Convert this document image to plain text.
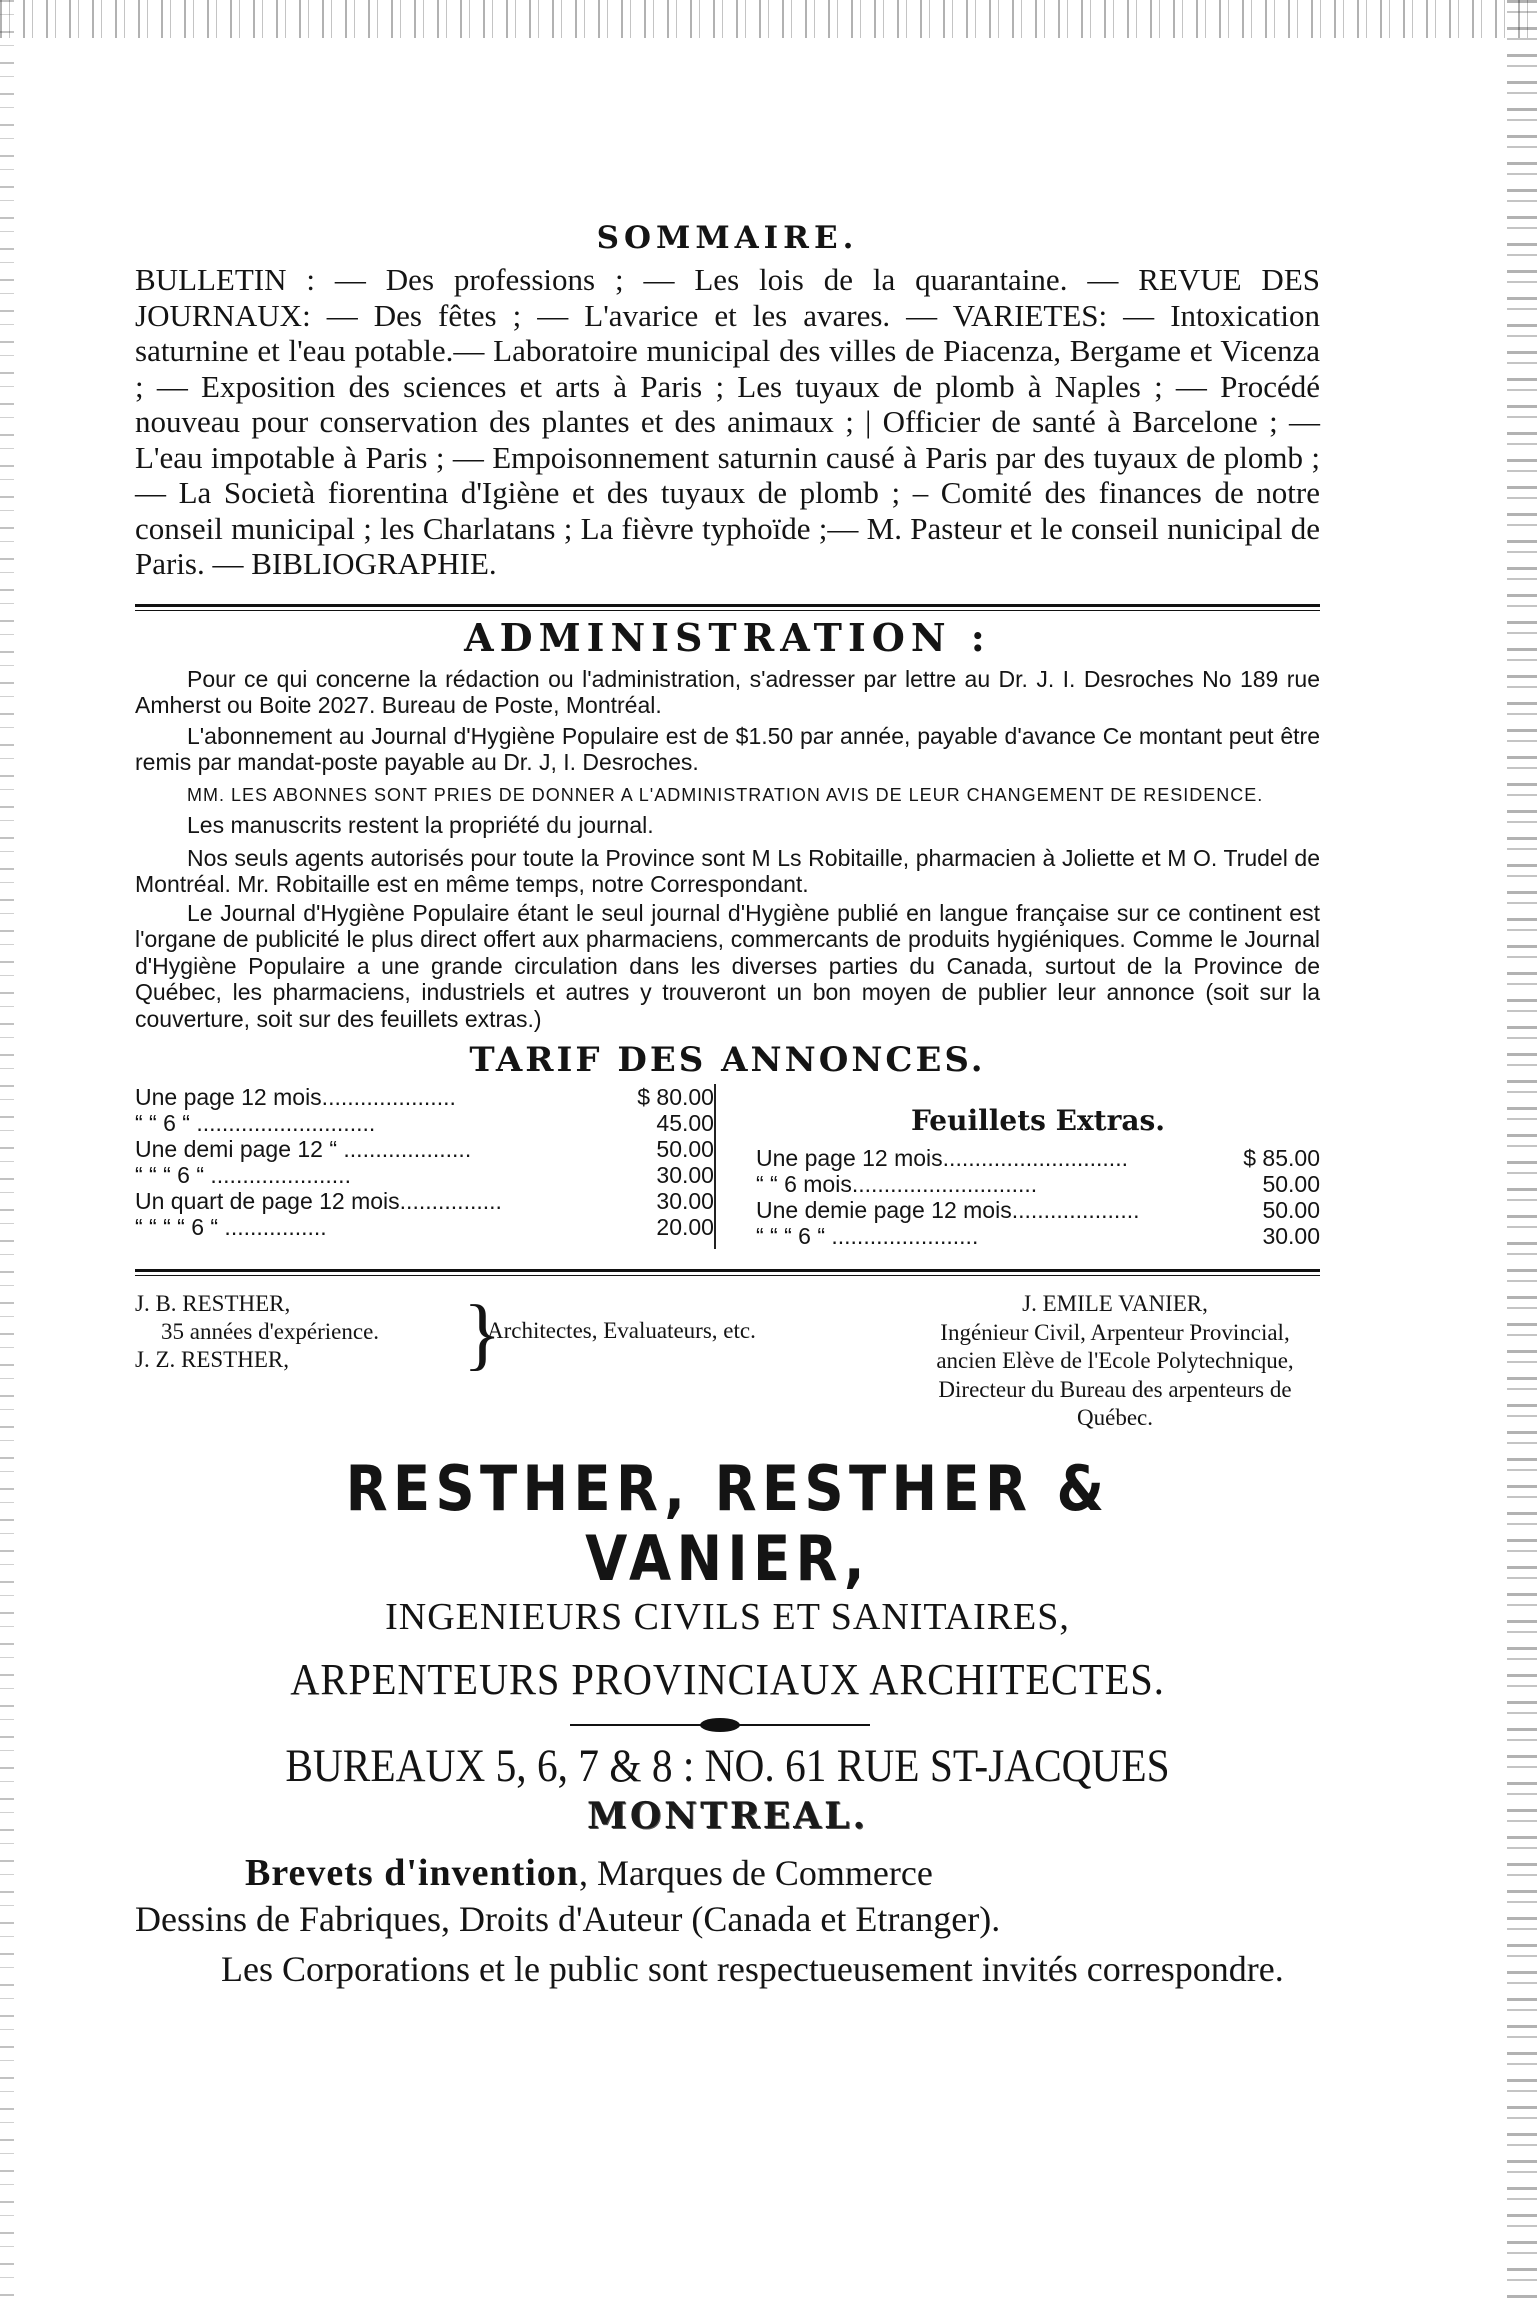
SOMMAIRE.

BULLETIN : — Des professions ; — Les lois de la quarantaine. — REVUE DES JOURNAUX: — Des fêtes ; — L'avarice et les avares. — VARIETES: — Intoxication saturnine et l'eau potable.— Laboratoire municipal des villes de Piacenza, Bergame et Vicenza ; — Exposition des sciences et arts à Paris ; Les tuyaux de plomb à Naples ; — Procédé nouveau pour conservation des plantes et des animaux ; | Officier de santé à Barcelone ; — L'eau impotable à Paris ; — Empoisonnement saturnin causé à Paris par des tuyaux de plomb ;— La Società fiorentina d'Igiène et des tuyaux de plomb ; – Comité des finances de notre conseil municipal ; les Charlatans ; La fièvre typhoïde ;— M. Pasteur et le conseil nunicipal de Paris. — BIBLIOGRAPHIE.

ADMINISTRATION :

Pour ce qui concerne la rédaction ou l'administration, s'adresser par lettre au Dr. J. I. Desroches No 189 rue Amherst ou Boite 2027. Bureau de Poste, Montréal.

L'abonnement au Journal d'Hygiène Populaire est de $1.50 par année, payable d'avance Ce montant peut être remis par mandat-poste payable au Dr. J, I. Desroches.

MM. LES ABONNES SONT PRIES DE DONNER A L'ADMINISTRATION AVIS DE LEUR CHANGEMENT DE RESIDENCE.

Les manuscrits restent la propriété du journal.

Nos seuls agents autorisés pour toute la Province sont M Ls Robitaille, pharmacien à Joliette et M O. Trudel de Montréal. Mr. Robitaille est en même temps, notre Correspondant.

Le Journal d'Hygiène Populaire étant le seul journal d'Hygiène publié en langue française sur ce continent est l'organe de publicité le plus direct offert aux pharmaciens, commercants de produits hygiéniques. Comme le Journal d'Hygiène Populaire a une grande circulation dans les diverses parties du Canada, surtout de la Province de Québec, les pharmaciens, industriels et autres y trouveront un bon moyen de publier leur annonce (soit sur la couverture, soit sur des feuillets extras.)

TARIF DES ANNONCES.
Une page 12 mois.....................	$ 80.00
“ “ 6 “ ............................	45.00
Une demi page 12 “ ....................	50.00
“ “ “ 6 “ ......................	30.00
Un quart de page 12 mois................	30.00
“ “ “ “ 6 “ ................	20.00
Feuillets Extras.
Une page 12 mois.............................	$ 85.00
“ “ 6 mois.............................	50.00
Une demie page 12 mois....................	50.00
“ “ “ 6 “ .......................	30.00
J. B. RESTHER,
35 années d'expérience.
J. Z. RESTHER,	}
Architectes, Evaluateurs, etc.
J. EMILE VANIER,
Ingénieur Civil, Arpenteur Provincial, ancien Elève de l'Ecole Polytechnique, Directeur du Bureau des arpenteurs de Québec.
RESTHER, RESTHER & VANIER,

INGENIEURS CIVILS ET SANITAIRES,

ARPENTEURS PROVINCIAUX ARCHITECTES.

BUREAUX 5, 6, 7 & 8 : NO. 61 RUE ST-JACQUES

MONTREAL.

Brevets d'invention, Marques de Commerce

Dessins de Fabriques, Droits d'Auteur (Canada et Etranger).

Les Corporations et le public sont respectueusement invités correspondre.
